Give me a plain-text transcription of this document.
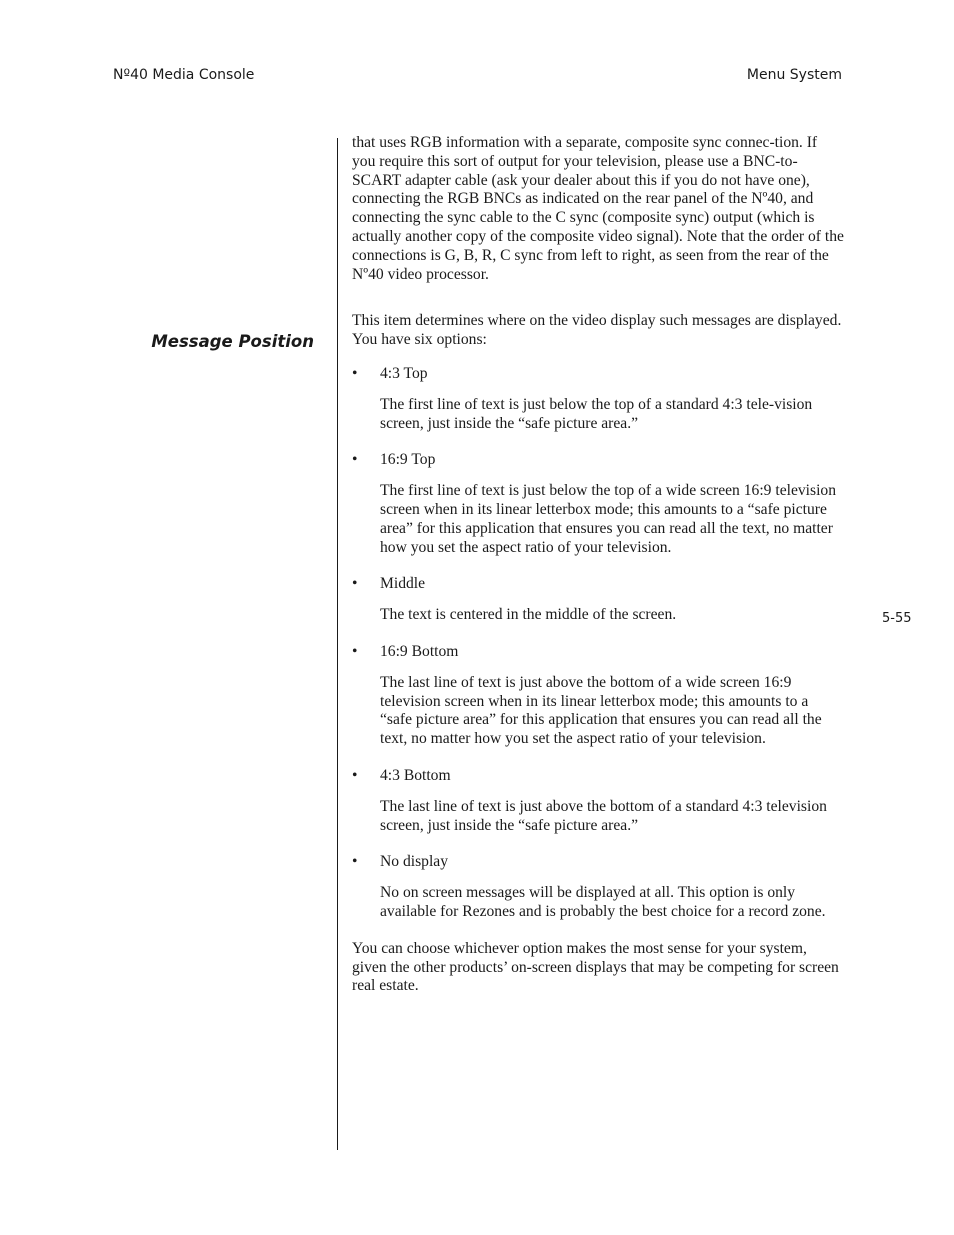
Nº40 Media Console	Menu System
5-55
Message Position

that uses RGB information with a separate, composite sync connec-tion. If you require this sort of output for your television, please use a BNC-to-SCART adapter cable (ask your dealer about this if you do not have one), connecting the RGB BNCs as indicated on the rear panel of the Nº40, and connecting the sync cable to the C sync (composite sync) output (which is actually another copy of the composite video signal). Note that the order of the connections is G, B, R, C sync from left to right, as seen from the rear of the Nº40 video processor.

This item determines where on the video display such messages are displayed. You have six options:

• 4:3 Top

The first line of text is just below the top of a standard 4:3 tele-vision screen, just inside the “safe picture area.”

• 16:9 Top

The first line of text is just below the top of a wide screen 16:9 television screen when in its linear letterbox mode; this amounts to a “safe picture area” for this application that ensures you can read all the text, no matter how you set the aspect ratio of your television.

• Middle

The text is centered in the middle of the screen.

• 16:9 Bottom

The last line of text is just above the bottom of a wide screen 16:9 television screen when in its linear letterbox mode; this amounts to a “safe picture area” for this application that ensures you can read all the text, no matter how you set the aspect ratio of your television.

• 4:3 Bottom

The last line of text is just above the bottom of a standard 4:3 television screen, just inside the “safe picture area.”

• No display

No on screen messages will be displayed at all. This option is only available for Rezones and is probably the best choice for a record zone.

You can choose whichever option makes the most sense for your system, given the other products’ on-screen displays that may be competing for screen real estate.
